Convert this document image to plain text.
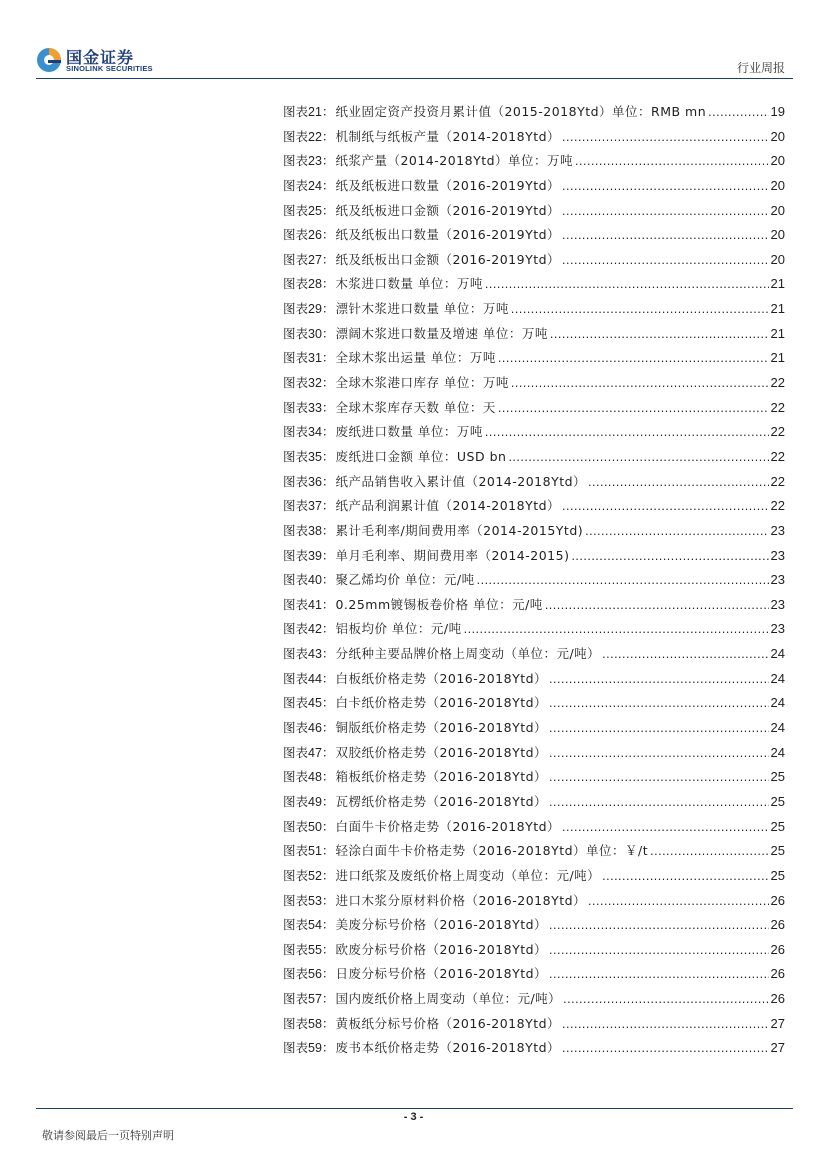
国金证券
SINOLINK SECURITIES	行业周报
图表 21 ： 纸业固定资产投资月累计值（2015-2018Ytd）单位：RMB mn .....	19
图表 22 ： 机制纸与纸板产量（2014-2018Ytd） .....	20
图表 23 ： 纸浆产量（2014-2018Ytd）单位：万吨 .....	20
图表 24 ： 纸及纸板进口数量（2016-2019Ytd） .....	20
图表 25 ： 纸及纸板进口金额（2016-2019Ytd） .....	20
图表 26 ： 纸及纸板出口数量（2016-2019Ytd） .....	20
图表 27 ： 纸及纸板出口金额（2016-2019Ytd） .....	20
图表 28 ： 木浆进口数量 单位：万吨 .....	21
图表 29 ： 漂针木浆进口数量 单位：万吨 .....	21
图表 30 ： 漂阔木浆进口数量及增速 单位：万吨 .....	21
图表 31 ： 全球木浆出运量 单位：万吨 .....	21
图表 32 ： 全球木浆港口库存 单位：万吨 .....	22
图表 33 ： 全球木浆库存天数 单位：天 .....	22
图表 34 ： 废纸进口数量 单位：万吨 .....	22
图表 35 ： 废纸进口金额 单位：USD bn .....	22
图表 36 ： 纸产品销售收入累计值（2014-2018Ytd） .....	22
图表 37 ： 纸产品利润累计值（2014-2018Ytd） .....	22
图表 38 ： 累计毛利率/期间费用率（2014-2015Ytd) .....	23
图表 39 ： 单月毛利率、期间费用率（2014-2015) .....	23
图表 40 ： 聚乙烯均价 单位：元/吨 .....	23
图表 41 ： 0.25mm镀锡板卷价格 单位：元/吨 .....	23
图表 42 ： 铝板均价 单位：元/吨 .....	23
图表 43 ： 分纸种主要品牌价格上周变动（单位：元/吨） .....	24
图表 44 ： 白板纸价格走势（2016-2018Ytd） .....	24
图表 45 ： 白卡纸价格走势（2016-2018Ytd） .....	24
图表 46 ： 铜版纸价格走势（2016-2018Ytd） .....	24
图表 47 ： 双胶纸价格走势（2016-2018Ytd） .....	24
图表 48 ： 箱板纸价格走势（2016-2018Ytd） .....	25
图表 49 ： 瓦楞纸价格走势（2016-2018Ytd） .....	25
图表 50 ： 白面牛卡价格走势（2016-2018Ytd） .....	25
图表 51 ： 轻涂白面牛卡价格走势（2016-2018Ytd）单位：￥/t .....	25
图表 52 ： 进口纸浆及废纸价格上周变动（单位：元/吨） .....	25
图表 53 ： 进口木浆分原材料价格（2016-2018Ytd） .....	26
图表 54 ： 美废分标号价格（2016-2018Ytd） .....	26
图表 55 ： 欧废分标号价格（2016-2018Ytd） .....	26
图表 56 ： 日废分标号价格（2016-2018Ytd） .....	26
图表 57 ： 国内废纸价格上周变动（单位：元/吨） .....	26
图表 58 ： 黄板纸分标号价格（2016-2018Ytd） .....	27
图表 59 ： 废书本纸价格走势（2016-2018Ytd） .....	27
- 3 -
敬请参阅最后一页特别声明
